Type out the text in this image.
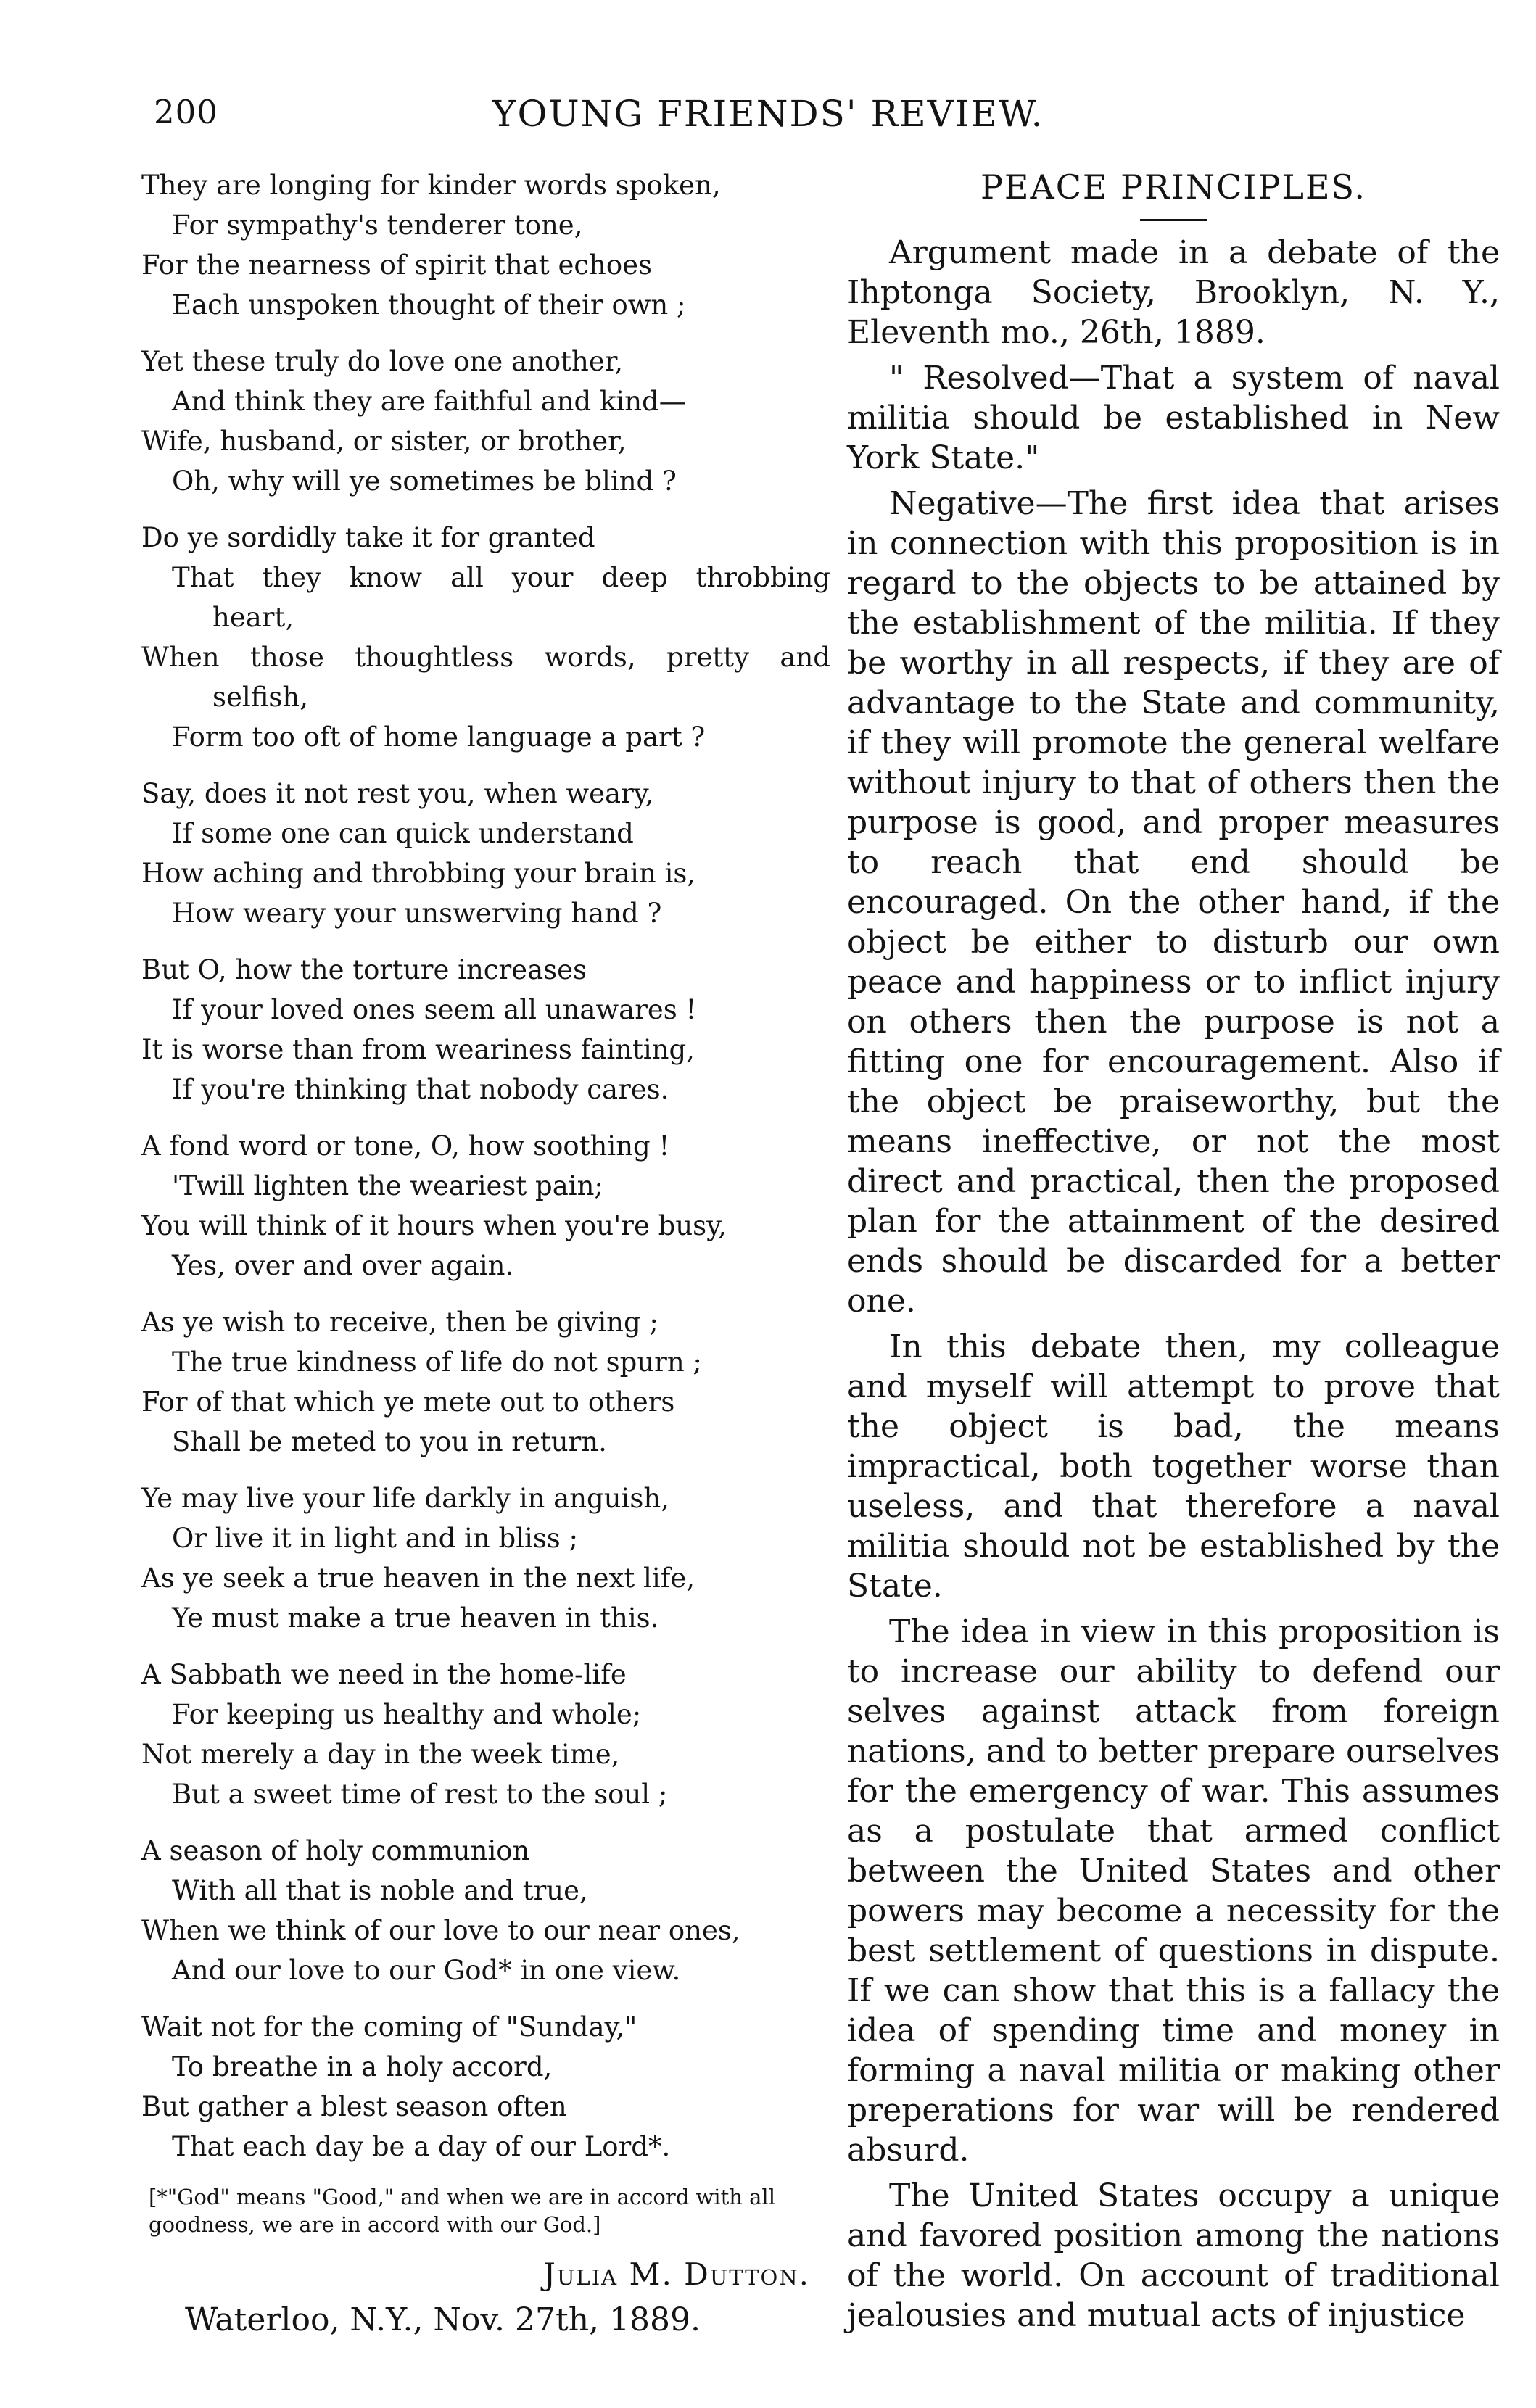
200	YOUNG FRIENDS' REVIEW.
They are longing for kinder words spoken,
For sympathy's tenderer tone,
For the nearness of spirit that echoes
Each unspoken thought of their own ;
Yet these truly do love one another,
And think they are faithful and kind—
Wife, husband, or sister, or brother,
Oh, why will ye sometimes be blind ?
Do ye sordidly take it for granted
That they know all your deep throbbing
heart,
When those thoughtless words, pretty and
selfish,
Form too oft of home language a part ?
Say, does it not rest you, when weary,
If some one can quick understand
How aching and throbbing your brain is,
How weary your unswerving hand ?
But O, how the torture increases
If your loved ones seem all unawares !
It is worse than from weariness fainting,
If you're thinking that nobody cares.
A fond word or tone, O, how soothing !
'Twill lighten the weariest pain;
You will think of it hours when you're busy,
Yes, over and over again.
As ye wish to receive, then be giving ;
The true kindness of life do not spurn ;
For of that which ye mete out to others
Shall be meted to you in return.
Ye may live your life darkly in anguish,
Or live it in light and in bliss ;
As ye seek a true heaven in the next life,
Ye must make a true heaven in this.
A Sabbath we need in the home-life
For keeping us healthy and whole;
Not merely a day in the week time,
But a sweet time of rest to the soul ;
A season of holy communion
With all that is noble and true,
When we think of our love to our near ones,
And our love to our God* in one view.
Wait not for the coming of "Sunday,"
To breathe in a holy accord,
But gather a blest season often
That each day be a day of our Lord*.
[*"God" means "Good," and when we are in accord with all goodness, we are in accord with our God.]
Julia M. Dutton.
Waterloo, N.Y., Nov. 27th, 1889.
PEACE PRINCIPLES.

Argument made in a debate of the Ihptonga Society, Brooklyn, N. Y., Eleventh mo., 26th, 1889.

" Resolved—That a system of naval militia should be established in New York State."

Negative—The first idea that arises in connection with this proposition is in regard to the objects to be attained by the establishment of the militia. If they be worthy in all respects, if they are of advantage to the State and community, if they will promote the general welfare without injury to that of others then the purpose is good, and proper measures to reach that end should be encouraged. On the other hand, if the object be either to disturb our own peace and happiness or to inflict injury on others then the purpose is not a fitting one for encouragement. Also if the object be praiseworthy, but the means ineffective, or not the most direct and practical, then the proposed plan for the attainment of the desired ends should be discarded for a better one.

In this debate then, my colleague and myself will attempt to prove that the object is bad, the means impractical, both together worse than useless, and that therefore a naval militia should not be established by the State.

The idea in view in this proposition is to increase our ability to defend our selves against attack from foreign nations, and to better prepare ourselves for the emergency of war. This assumes as a postulate that armed conflict between the United States and other powers may become a necessity for the best settlement of questions in dispute. If we can show that this is a fallacy the idea of spending time and money in forming a naval militia or making other preperations for war will be rendered absurd.

The United States occupy a unique and favored position among the nations of the world. On account of traditional jealousies and mutual acts of injustice
